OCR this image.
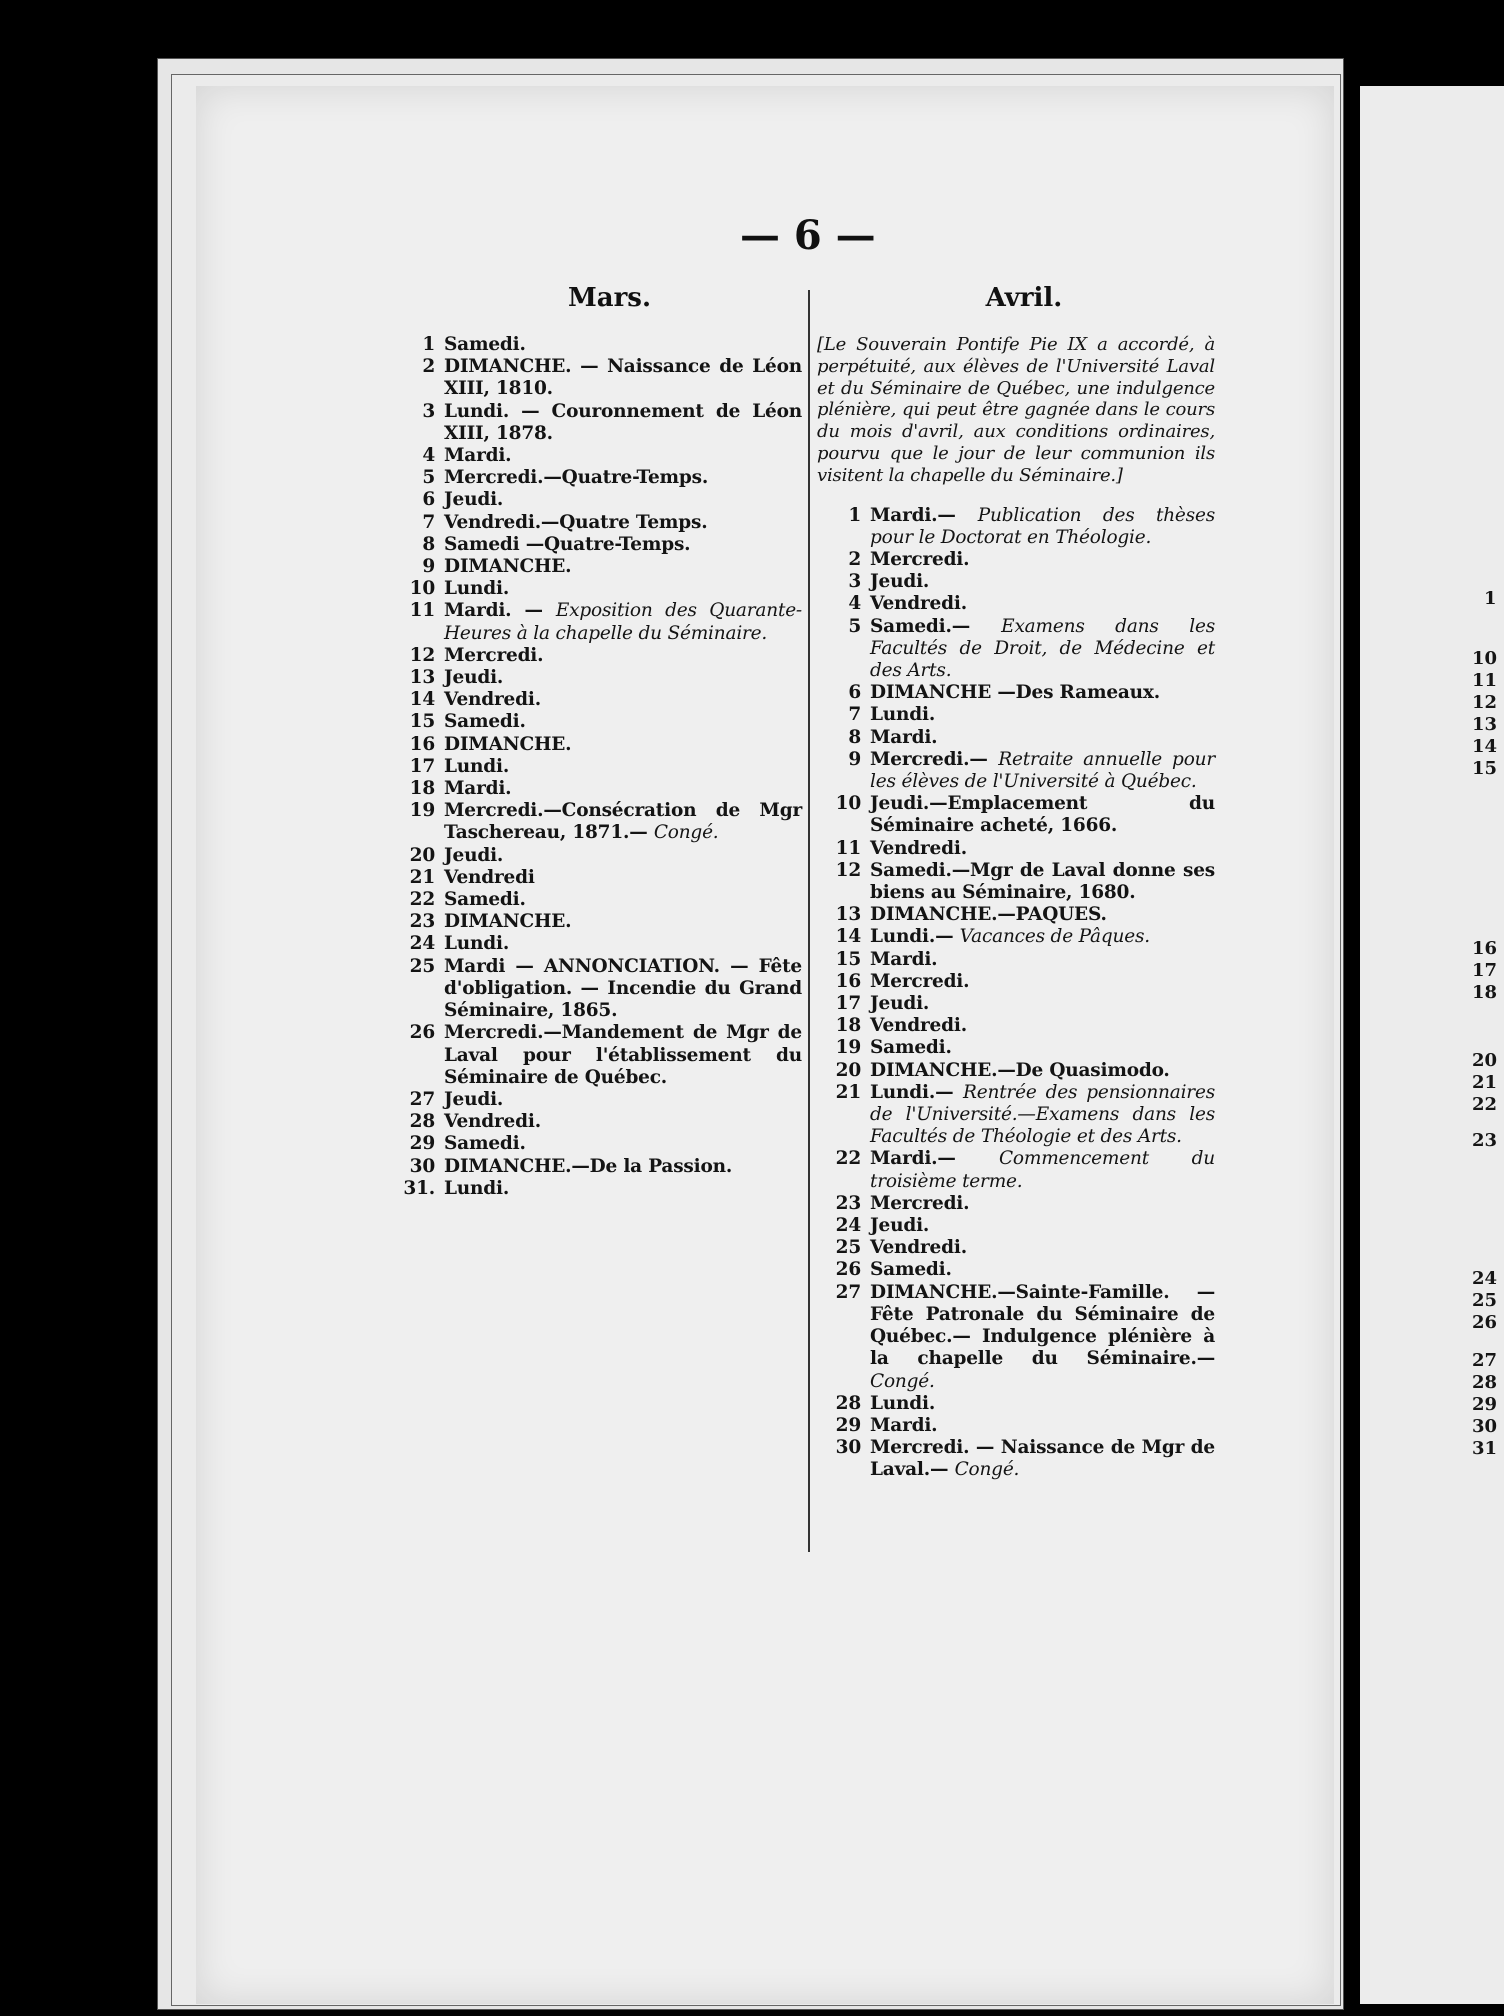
1
10
11
12
13
14
15
16
17
18
20
21
22
23
24
25
26
27
28
29
30
31
— 6 —
Mars.
1 Samedi.
2 DIMANCHE. — Naissance de Léon XIII, 1810.
3 Lundi. — Couronnement de Léon XIII, 1878.
4 Mardi.
5 Mercredi.—Quatre-Temps.
6 Jeudi.
7 Vendredi.—Quatre Temps.
8 Samedi —Quatre-Temps.
9 DIMANCHE.
10 Lundi.
11 Mardi. — Exposition des Quarante-Heures à la chapelle du Séminaire.
12 Mercredi.
13 Jeudi.
14 Vendredi.
15 Samedi.
16 DIMANCHE.
17 Lundi.
18 Mardi.
19 Mercredi.—Consécration de Mgr Taschereau, 1871.— Congé.
20 Jeudi.
21 Vendredi
22 Samedi.
23 DIMANCHE.
24 Lundi.
25 Mardi — ANNONCIATION. — Fête d'obligation. — Incendie du Grand Séminaire, 1865.
26 Mercredi.—Mandement de Mgr de Laval pour l'établissement du Séminaire de Québec.
27 Jeudi.
28 Vendredi.
29 Samedi.
30 DIMANCHE.—De la Passion.
31. Lundi.
Avril.
[Le Souverain Pontife Pie IX a accordé, à perpétuité, aux élèves de l'Université Laval et du Séminaire de Québec, une indulgence plénière, qui peut être gagnée dans le cours du mois d'avril, aux conditions ordinaires, pourvu que le jour de leur communion ils visitent la chapelle du Séminaire.]
1 Mardi.— Publication des thèses pour le Doctorat en Théologie.
2 Mercredi.
3 Jeudi.
4 Vendredi.
5 Samedi.— Examens dans les Facultés de Droit, de Médecine et des Arts.
6 DIMANCHE —Des Rameaux.
7 Lundi.
8 Mardi.
9 Mercredi.— Retraite annuelle pour les élèves de l'Université à Québec.
10 Jeudi.—Emplacement du Séminaire acheté, 1666.
11 Vendredi.
12 Samedi.—Mgr de Laval donne ses biens au Séminaire, 1680.
13 DIMANCHE.—PAQUES.
14 Lundi.— Vacances de Pâques.
15 Mardi.
16 Mercredi.
17 Jeudi.
18 Vendredi.
19 Samedi.
20 DIMANCHE.—De Quasimodo.
21 Lundi.— Rentrée des pensionnaires de l'Université.—Examens dans les Facultés de Théologie et des Arts.
22 Mardi.— Commencement du troisième terme.
23 Mercredi.
24 Jeudi.
25 Vendredi.
26 Samedi.
27 DIMANCHE.—Sainte-Famille. — Fête Patronale du Séminaire de Québec.— Indulgence plénière à la chapelle du Séminaire.— Congé.
28 Lundi.
29 Mardi.
30 Mercredi. — Naissance de Mgr de Laval.— Congé.
